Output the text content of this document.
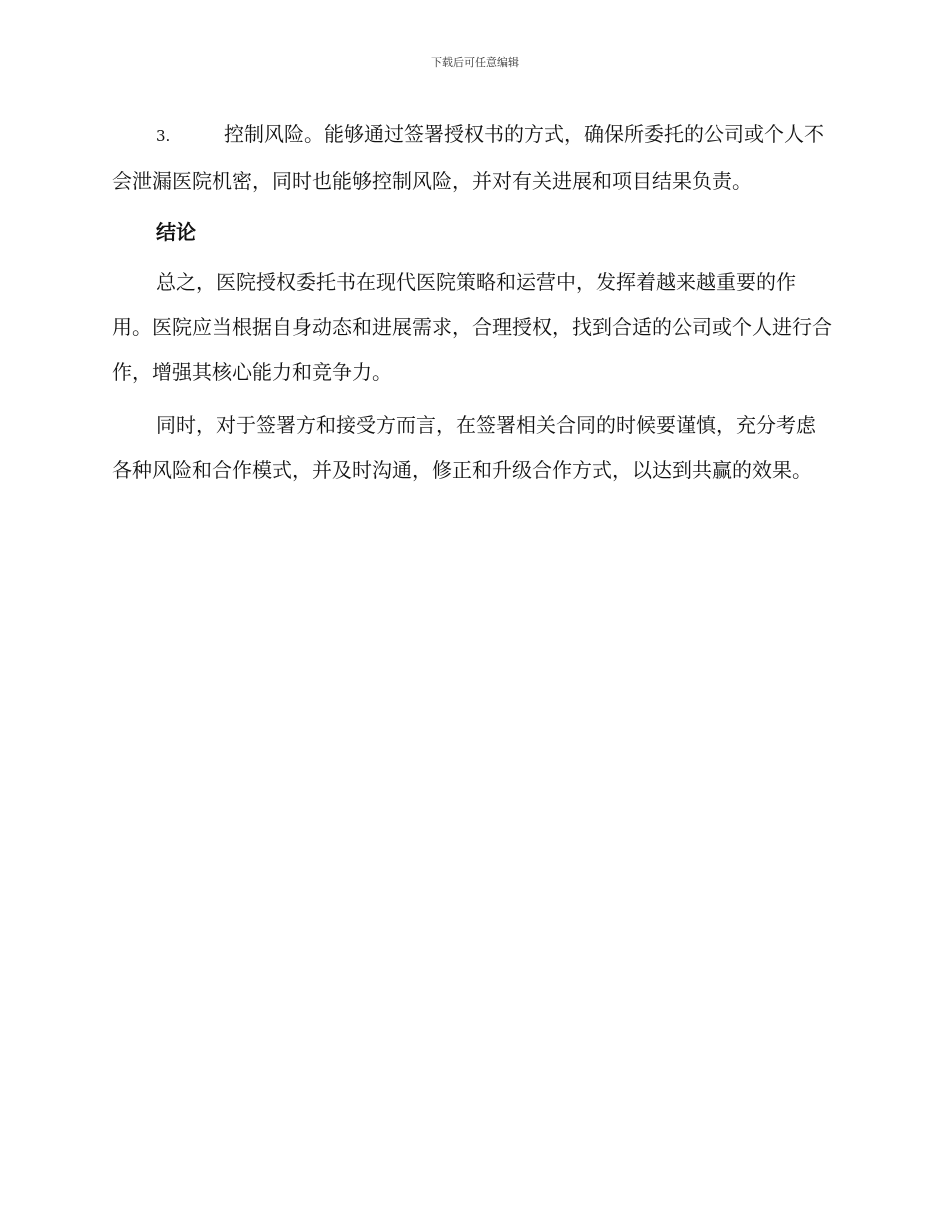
下载后可任意编辑

3.	控制风险。能够通过签署授权书的方式，确保所委托的公司或个人不会泄漏医院机密，同时也能够控制风险，并对有关进展和项目结果负责。

结论

总之，医院授权委托书在现代医院策略和运营中，发挥着越来越重要的作用。医院应当根据自身动态和进展需求，合理授权，找到合适的公司或个人进行合作，增强其核心能力和竞争力。

同时，对于签署方和接受方而言，在签署相关合同的时候要谨慎，充分考虑各种风险和合作模式，并及时沟通，修正和升级合作方式，以达到共赢的效果。
